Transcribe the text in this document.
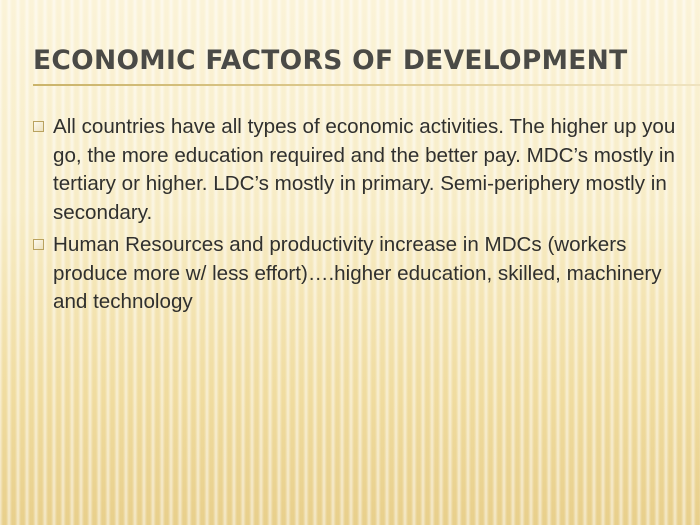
ECONOMIC FACTORS OF DEVELOPMENT
All countries have all types of economic activities. The higher up you go, the more education required and the better pay. MDC’s mostly in tertiary or higher. LDC’s mostly in primary. Semi-periphery mostly in secondary.
Human Resources and productivity increase in MDCs (workers produce more w/ less effort)….higher education, skilled, machinery and technology
